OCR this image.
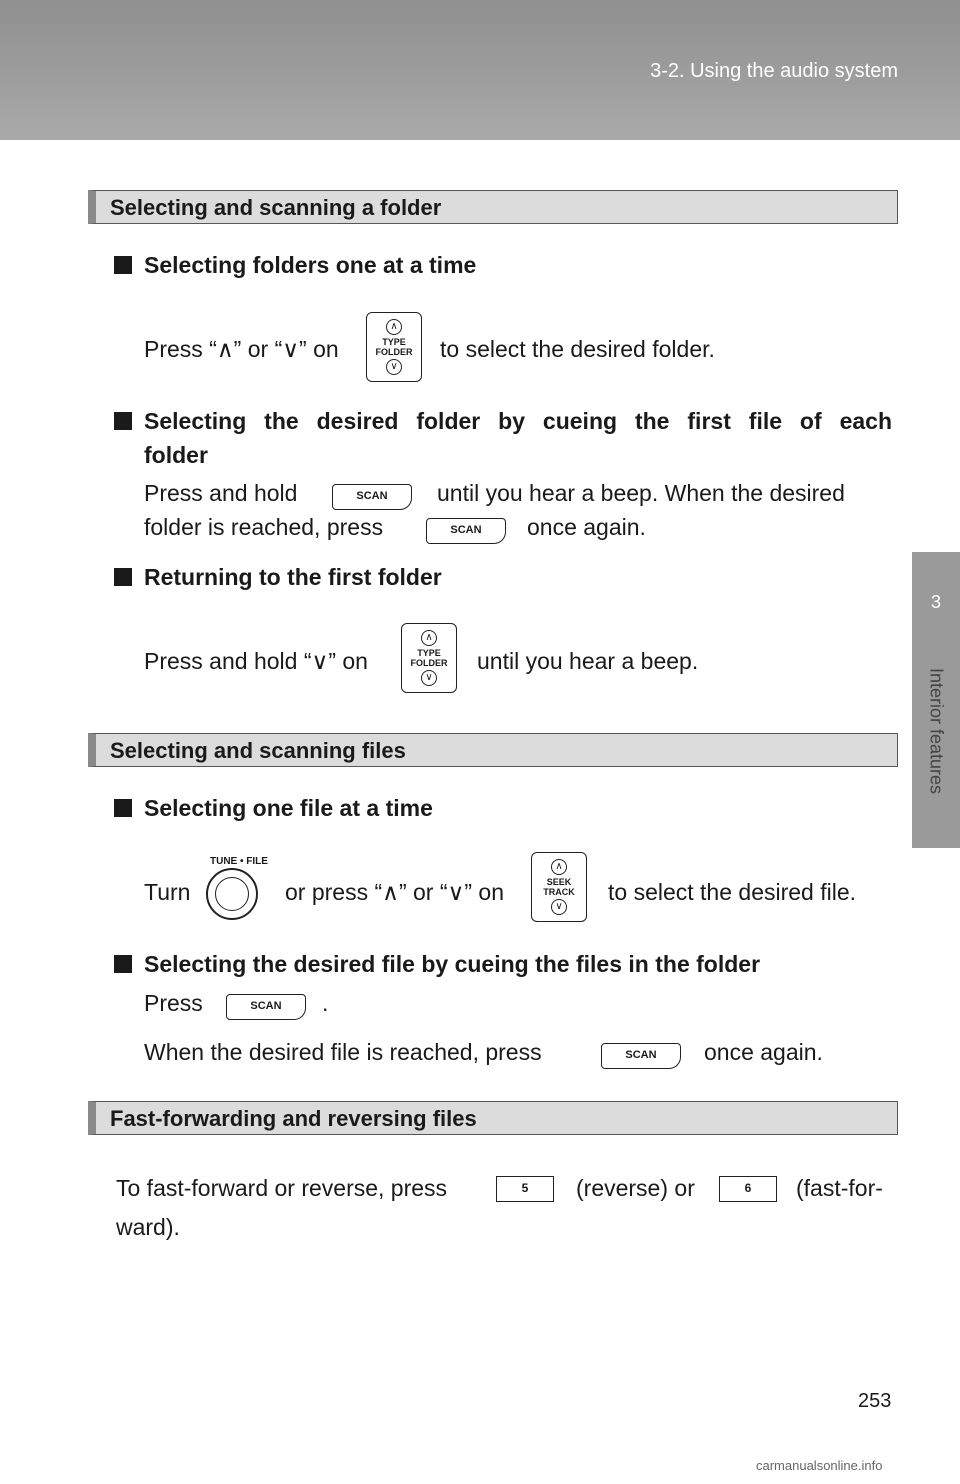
3-2. Using the audio system
3
Interior features
Selecting and scanning a folder
Selecting folders one at a time
Press “∧” or “∨” on
∧
TYPE
FOLDER
∨
to select the desired folder.
Selecting the desired folder by cueing the first file of each
folder
Press and hold	SCAN	until you hear a beep. When the desired
folder is reached, press	SCAN	once again.
Returning to the first folder
Press and hold “∨” on
∧
TYPE
FOLDER
∨
until you hear a beep.
Selecting and scanning files
Selecting one file at a time
TUNE • FILE
Turn	or press “∧” or “∨” on
∧
SEEK
TRACK
∨
to select the desired file.
Selecting the desired file by cueing the files in the folder
Press	SCAN	.
When the desired file is reached, press	SCAN	once again.
Fast-forwarding and reversing files
To fast-forward or reverse, press	5	(reverse) or	6	(fast-for-
ward).
253
carmanualsonline.info
